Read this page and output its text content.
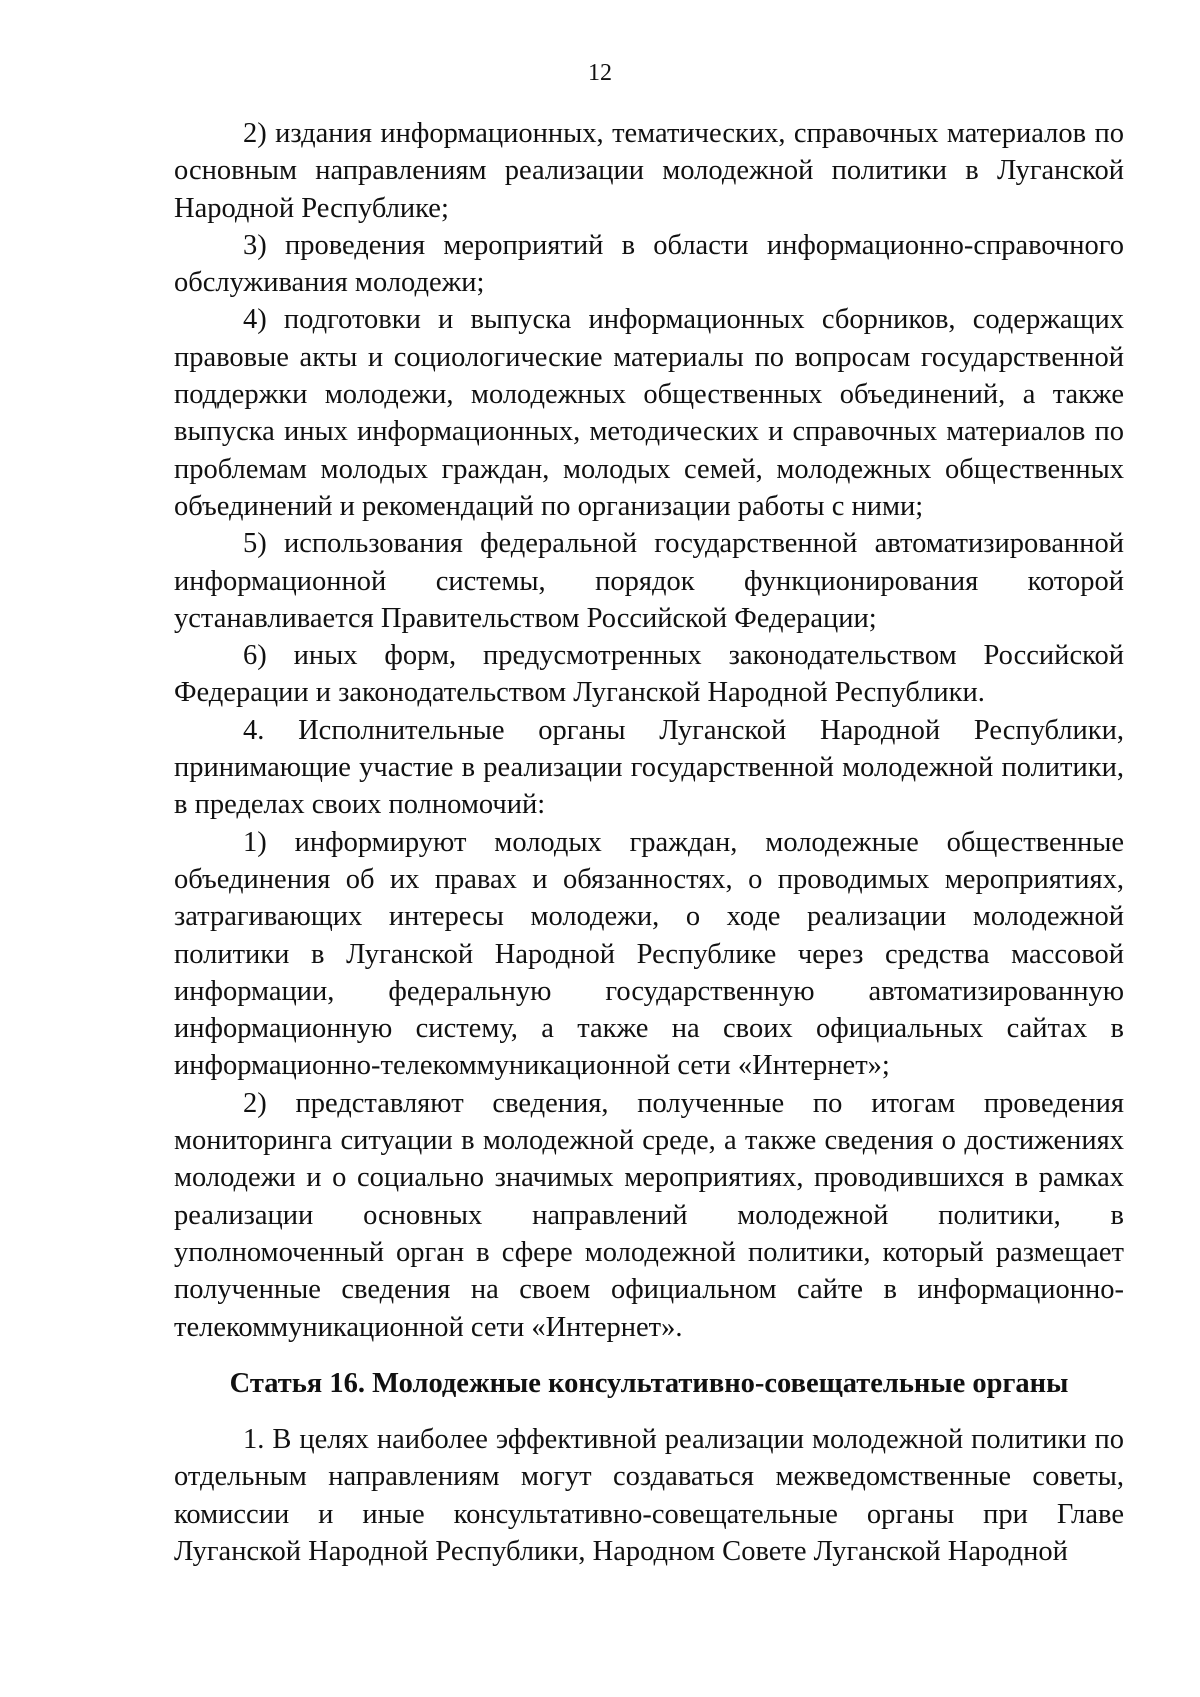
12

2) издания информационных, тематических, справочных материалов по основным направлениям реализации молодежной политики в Луганской Народной Республике;

3) проведения мероприятий в области информационно-справочного обслуживания молодежи;

4) подготовки и выпуска информационных сборников, содержащих правовые акты и социологические материалы по вопросам государственной поддержки молодежи, молодежных общественных объединений, а также выпуска иных информационных, методических и справочных материалов по проблемам молодых граждан, молодых семей, молодежных общественных объединений и рекомендаций по организации работы с ними;

5) использования федеральной государственной автоматизированной информационной системы, порядок функционирования которой устанавливается Правительством Российской Федерации;

6) иных форм, предусмотренных законодательством Российской Федерации и законодательством Луганской Народной Республики.

4. Исполнительные органы Луганской Народной Республики, принимающие участие в реализации государственной молодежной политики, в пределах своих полномочий:

1) информируют молодых граждан, молодежные общественные объединения об их правах и обязанностях, о проводимых мероприятиях, затрагивающих интересы молодежи, о ходе реализации молодежной политики в Луганской Народной Республике через средства массовой информации, федеральную государственную автоматизированную информационную систему, а также на своих официальных сайтах в информационно-телекоммуникационной сети «Интернет»;

2) представляют сведения, полученные по итогам проведения мониторинга ситуации в молодежной среде, а также сведения о достижениях молодежи и о социально значимых мероприятиях, проводившихся в рамках реализации основных направлений молодежной политики, в уполномоченный орган в сфере молодежной политики, который размещает полученные сведения на своем официальном сайте в информационно-телекоммуникационной сети «Интернет».

Статья 16. Молодежные консультативно-совещательные органы

1. В целях наиболее эффективной реализации молодежной политики по отдельным направлениям могут создаваться межведомственные советы, комиссии и иные консультативно-совещательные органы при Главе Луганской Народной Республики, Народном Совете Луганской Народной
